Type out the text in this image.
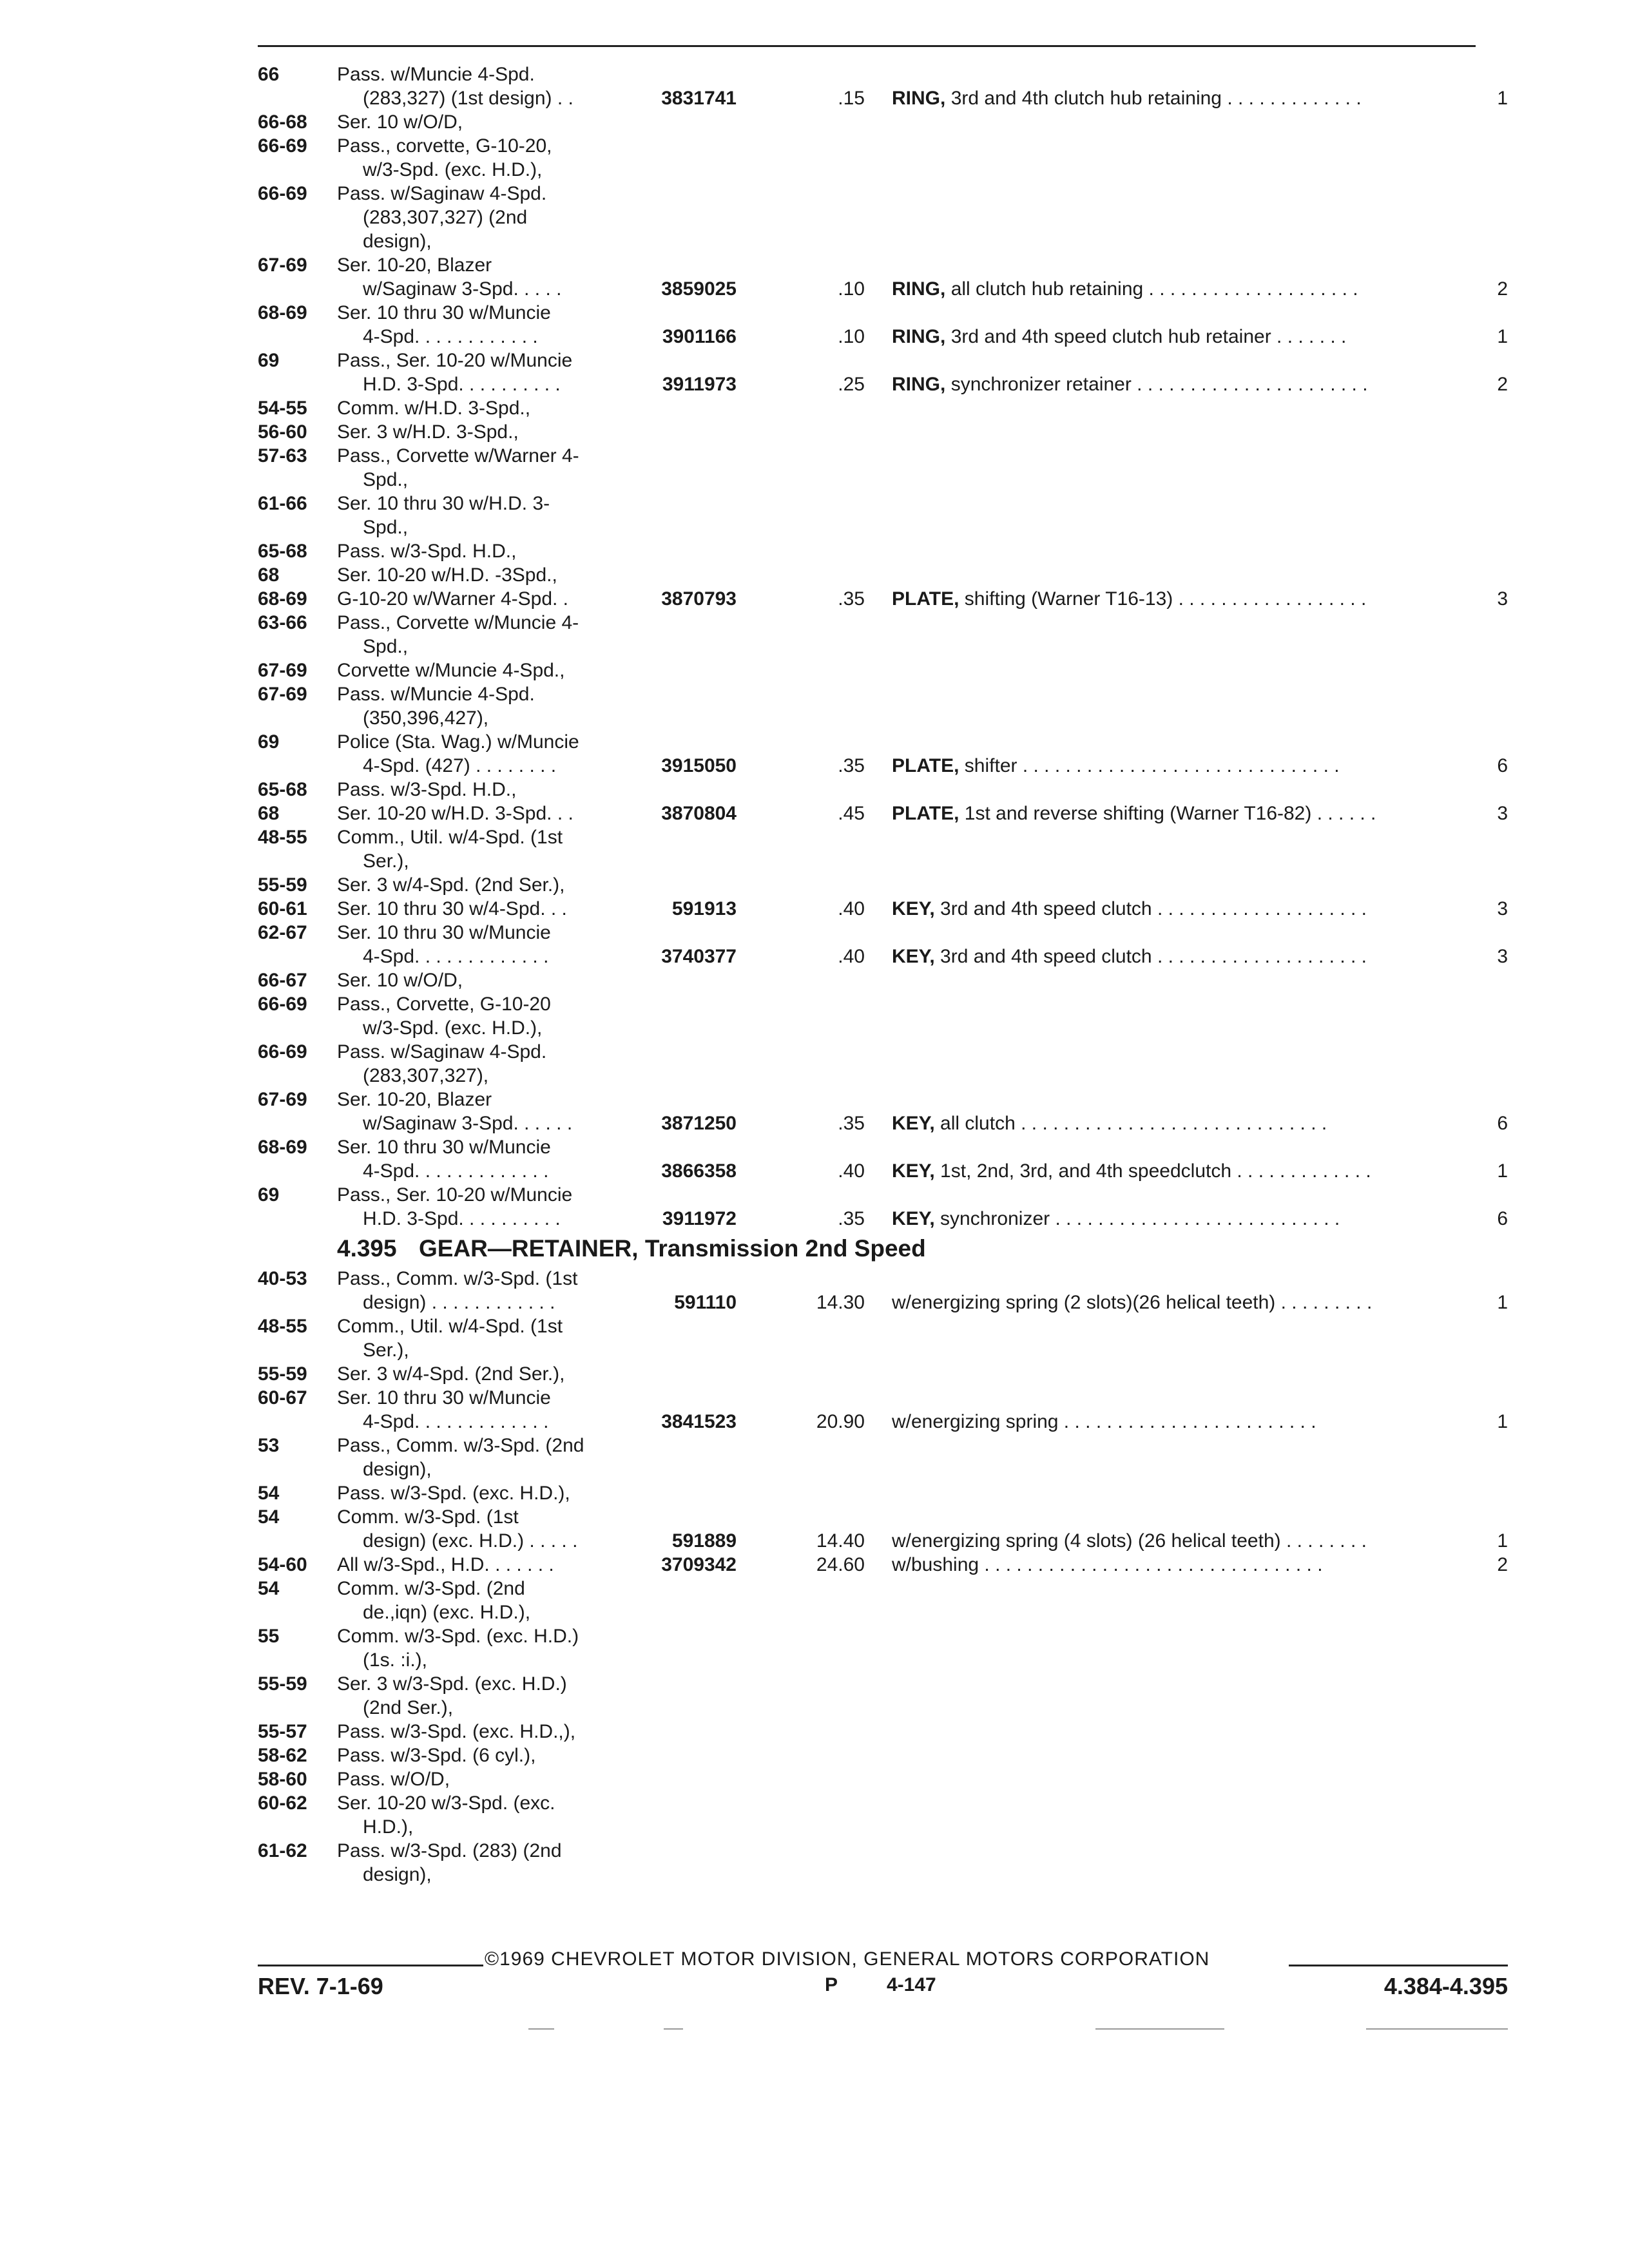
66	Pass. w/Muncie 4-Spd.
(283,327) (1st design) . .	3831741	.15 RING, 3rd and 4th clutch hub retaining . . . . . . . . . . . . .	1
66-68 Ser. 10 w/O/D,
66-69 Pass., corvette, G-10-20,
w/3-Spd. (exc. H.D.),
66-69 Pass. w/Saginaw 4-Spd.
(283,307,327) (2nd
design),
67-69 Ser. 10-20, Blazer
w/Saginaw 3-Spd. . . . .	3859025	.10 RING, all clutch hub retaining . . . . . . . . . . . . . . . . . . . .	2
68-69 Ser. 10 thru 30 w/Muncie
4-Spd. . . . . . . . . . . .	3901166	.10 RING, 3rd and 4th speed clutch hub retainer . . . . . . .	1
69	Pass., Ser. 10-20 w/Muncie
H.D. 3-Spd. . . . . . . . . .	3911973	.25 RING, synchronizer retainer . . . . . . . . . . . . . . . . . . . . . .	2
54-55 Comm. w/H.D. 3-Spd.,
56-60 Ser. 3 w/H.D. 3-Spd.,
57-63 Pass., Corvette w/Warner 4-
Spd.,
61-66 Ser. 10 thru 30 w/H.D. 3-
Spd.,
65-68 Pass. w/3-Spd. H.D.,
68	Ser. 10-20 w/H.D. -3Spd.,
68-69 G-10-20 w/Warner 4-Spd. .	3870793	.35 PLATE, shifting (Warner T16-13) . . . . . . . . . . . . . . . . . .	3
63-66 Pass., Corvette w/Muncie 4-
Spd.,
67-69 Corvette w/Muncie 4-Spd.,
67-69 Pass. w/Muncie 4-Spd.
(350,396,427),
69	Police (Sta. Wag.) w/Muncie
4-Spd. (427) . . . . . . . .	3915050	.35 PLATE, shifter . . . . . . . . . . . . . . . . . . . . . . . . . . . . . .	6
65-68 Pass. w/3-Spd. H.D.,
68	Ser. 10-20 w/H.D. 3-Spd. . .	3870804	.45 PLATE, 1st and reverse shifting (Warner T16-82) . . . . . .	3
48-55 Comm., Util. w/4-Spd. (1st
Ser.),
55-59 Ser. 3 w/4-Spd. (2nd Ser.),
60-61 Ser. 10 thru 30 w/4-Spd. . .	591913	.40 KEY, 3rd and 4th speed clutch . . . . . . . . . . . . . . . . . . . .	3
62-67 Ser. 10 thru 30 w/Muncie
4-Spd. . . . . . . . . . . . .	3740377	.40 KEY, 3rd and 4th speed clutch . . . . . . . . . . . . . . . . . . . .	3
66-67 Ser. 10 w/O/D,
66-69 Pass., Corvette, G-10-20
w/3-Spd. (exc. H.D.),
66-69 Pass. w/Saginaw 4-Spd.
(283,307,327),
67-69 Ser. 10-20, Blazer
w/Saginaw 3-Spd. . . . . .	3871250	.35 KEY, all clutch . . . . . . . . . . . . . . . . . . . . . . . . . . . . .	6
68-69 Ser. 10 thru 30 w/Muncie
4-Spd. . . . . . . . . . . . .	3866358	.40 KEY, 1st, 2nd, 3rd, and 4th speedclutch . . . . . . . . . . . . .	1
69	Pass., Ser. 10-20 w/Muncie
H.D. 3-Spd. . . . . . . . . .	3911972	.35 KEY, synchronizer . . . . . . . . . . . . . . . . . . . . . . . . . . .	6
4.395 GEAR—RETAINER, Transmission 2nd Speed
40-53 Pass., Comm. w/3-Spd. (1st
design) . . . . . . . . . . . .	591110	14.30 w/energizing spring (2 slots)(26 helical teeth) . . . . . . . . .	1
48-55 Comm., Util. w/4-Spd. (1st
Ser.),
55-59 Ser. 3 w/4-Spd. (2nd Ser.),
60-67 Ser. 10 thru 30 w/Muncie
4-Spd. . . . . . . . . . . . .	3841523	20.90 w/energizing spring . . . . . . . . . . . . . . . . . . . . . . . .	1
53	Pass., Comm. w/3-Spd. (2nd
design),
54	Pass. w/3-Spd. (exc. H.D.),
54	Comm. w/3-Spd. (1st
design) (exc. H.D.) . . . . .	591889	14.40 w/energizing spring (4 slots) (26 helical teeth) . . . . . . . .	1
54-60 All w/3-Spd., H.D. . . . . . .	3709342	24.60 w/bushing . . . . . . . . . . . . . . . . . . . . . . . . . . . . . . . .	2
54	Comm. w/3-Spd. (2nd
de.,iqn) (exc. H.D.),
55	Comm. w/3-Spd. (exc. H.D.)
(1s. :i.),
55-59 Ser. 3 w/3-Spd. (exc. H.D.)
(2nd Ser.),
55-57 Pass. w/3-Spd. (exc. H.D.,),
58-62 Pass. w/3-Spd. (6 cyl.),
58-60 Pass. w/O/D,
60-62 Ser. 10-20 w/3-Spd. (exc.
H.D.),
61-62 Pass. w/3-Spd. (283) (2nd
design),
©1969 CHEVROLET MOTOR DIVISION, GENERAL MOTORS CORPORATION
REV. 7-1-69	P	4-147	4.384-4.395
